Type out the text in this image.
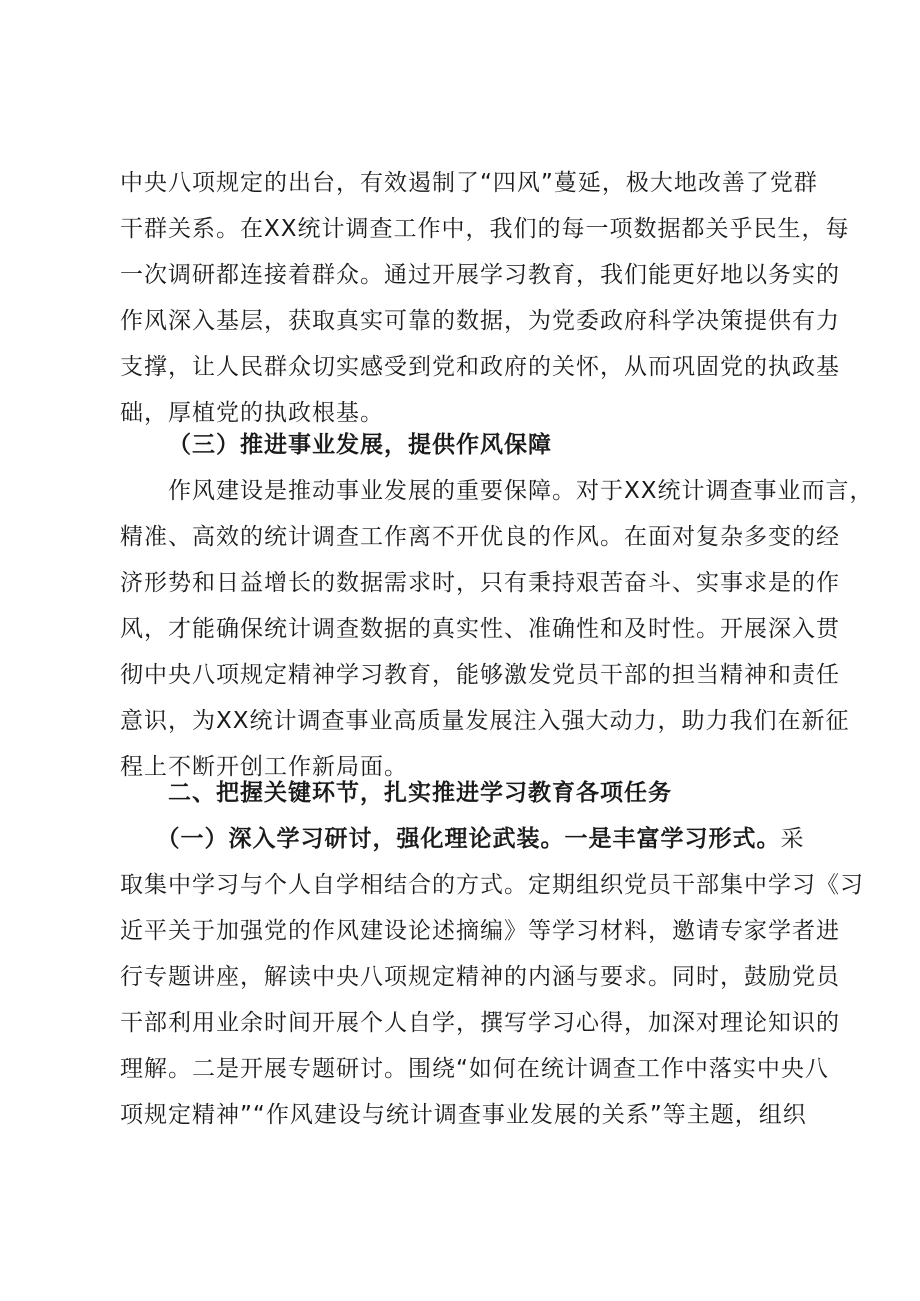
中央八项规定的出台，有效遏制了“四风”蔓延，极大地改善了党群
干群关系。在XX统计调查工作中，我们的每一项数据都关乎民生，每
一次调研都连接着群众。通过开展学习教育，我们能更好地以务实的
作风深入基层，获取真实可靠的数据，为党委政府科学决策提供有力
支撑，让人民群众切实感受到党和政府的关怀，从而巩固党的执政基
础，厚植党的执政根基。
（三）推进事业发展，提供作风保障
　　作风建设是推动事业发展的重要保障。对于XX统计调查事业而言，
精准、高效的统计调查工作离不开优良的作风。在面对复杂多变的经
济形势和日益增长的数据需求时，只有秉持艰苦奋斗、实事求是的作
风，才能确保统计调查数据的真实性、准确性和及时性。开展深入贯
彻中央八项规定精神学习教育，能够激发党员干部的担当精神和责任
意识，为XX统计调查事业高质量发展注入强大动力，助力我们在新征
程上不断开创工作新局面。
二、把握关键环节，扎实推进学习教育各项任务
　　（一）深入学习研讨，强化理论武装。一是丰富学习形式。采
取集中学习与个人自学相结合的方式。定期组织党员干部集中学习《习
近平关于加强党的作风建设论述摘编》等学习材料，邀请专家学者进
行专题讲座，解读中央八项规定精神的内涵与要求。同时，鼓励党员
干部利用业余时间开展个人自学，撰写学习心得，加深对理论知识的
理解。二是开展专题研讨。围绕“如何在统计调查工作中落实中央八
项规定精神”“作风建设与统计调查事业发展的关系”等主题，组织
